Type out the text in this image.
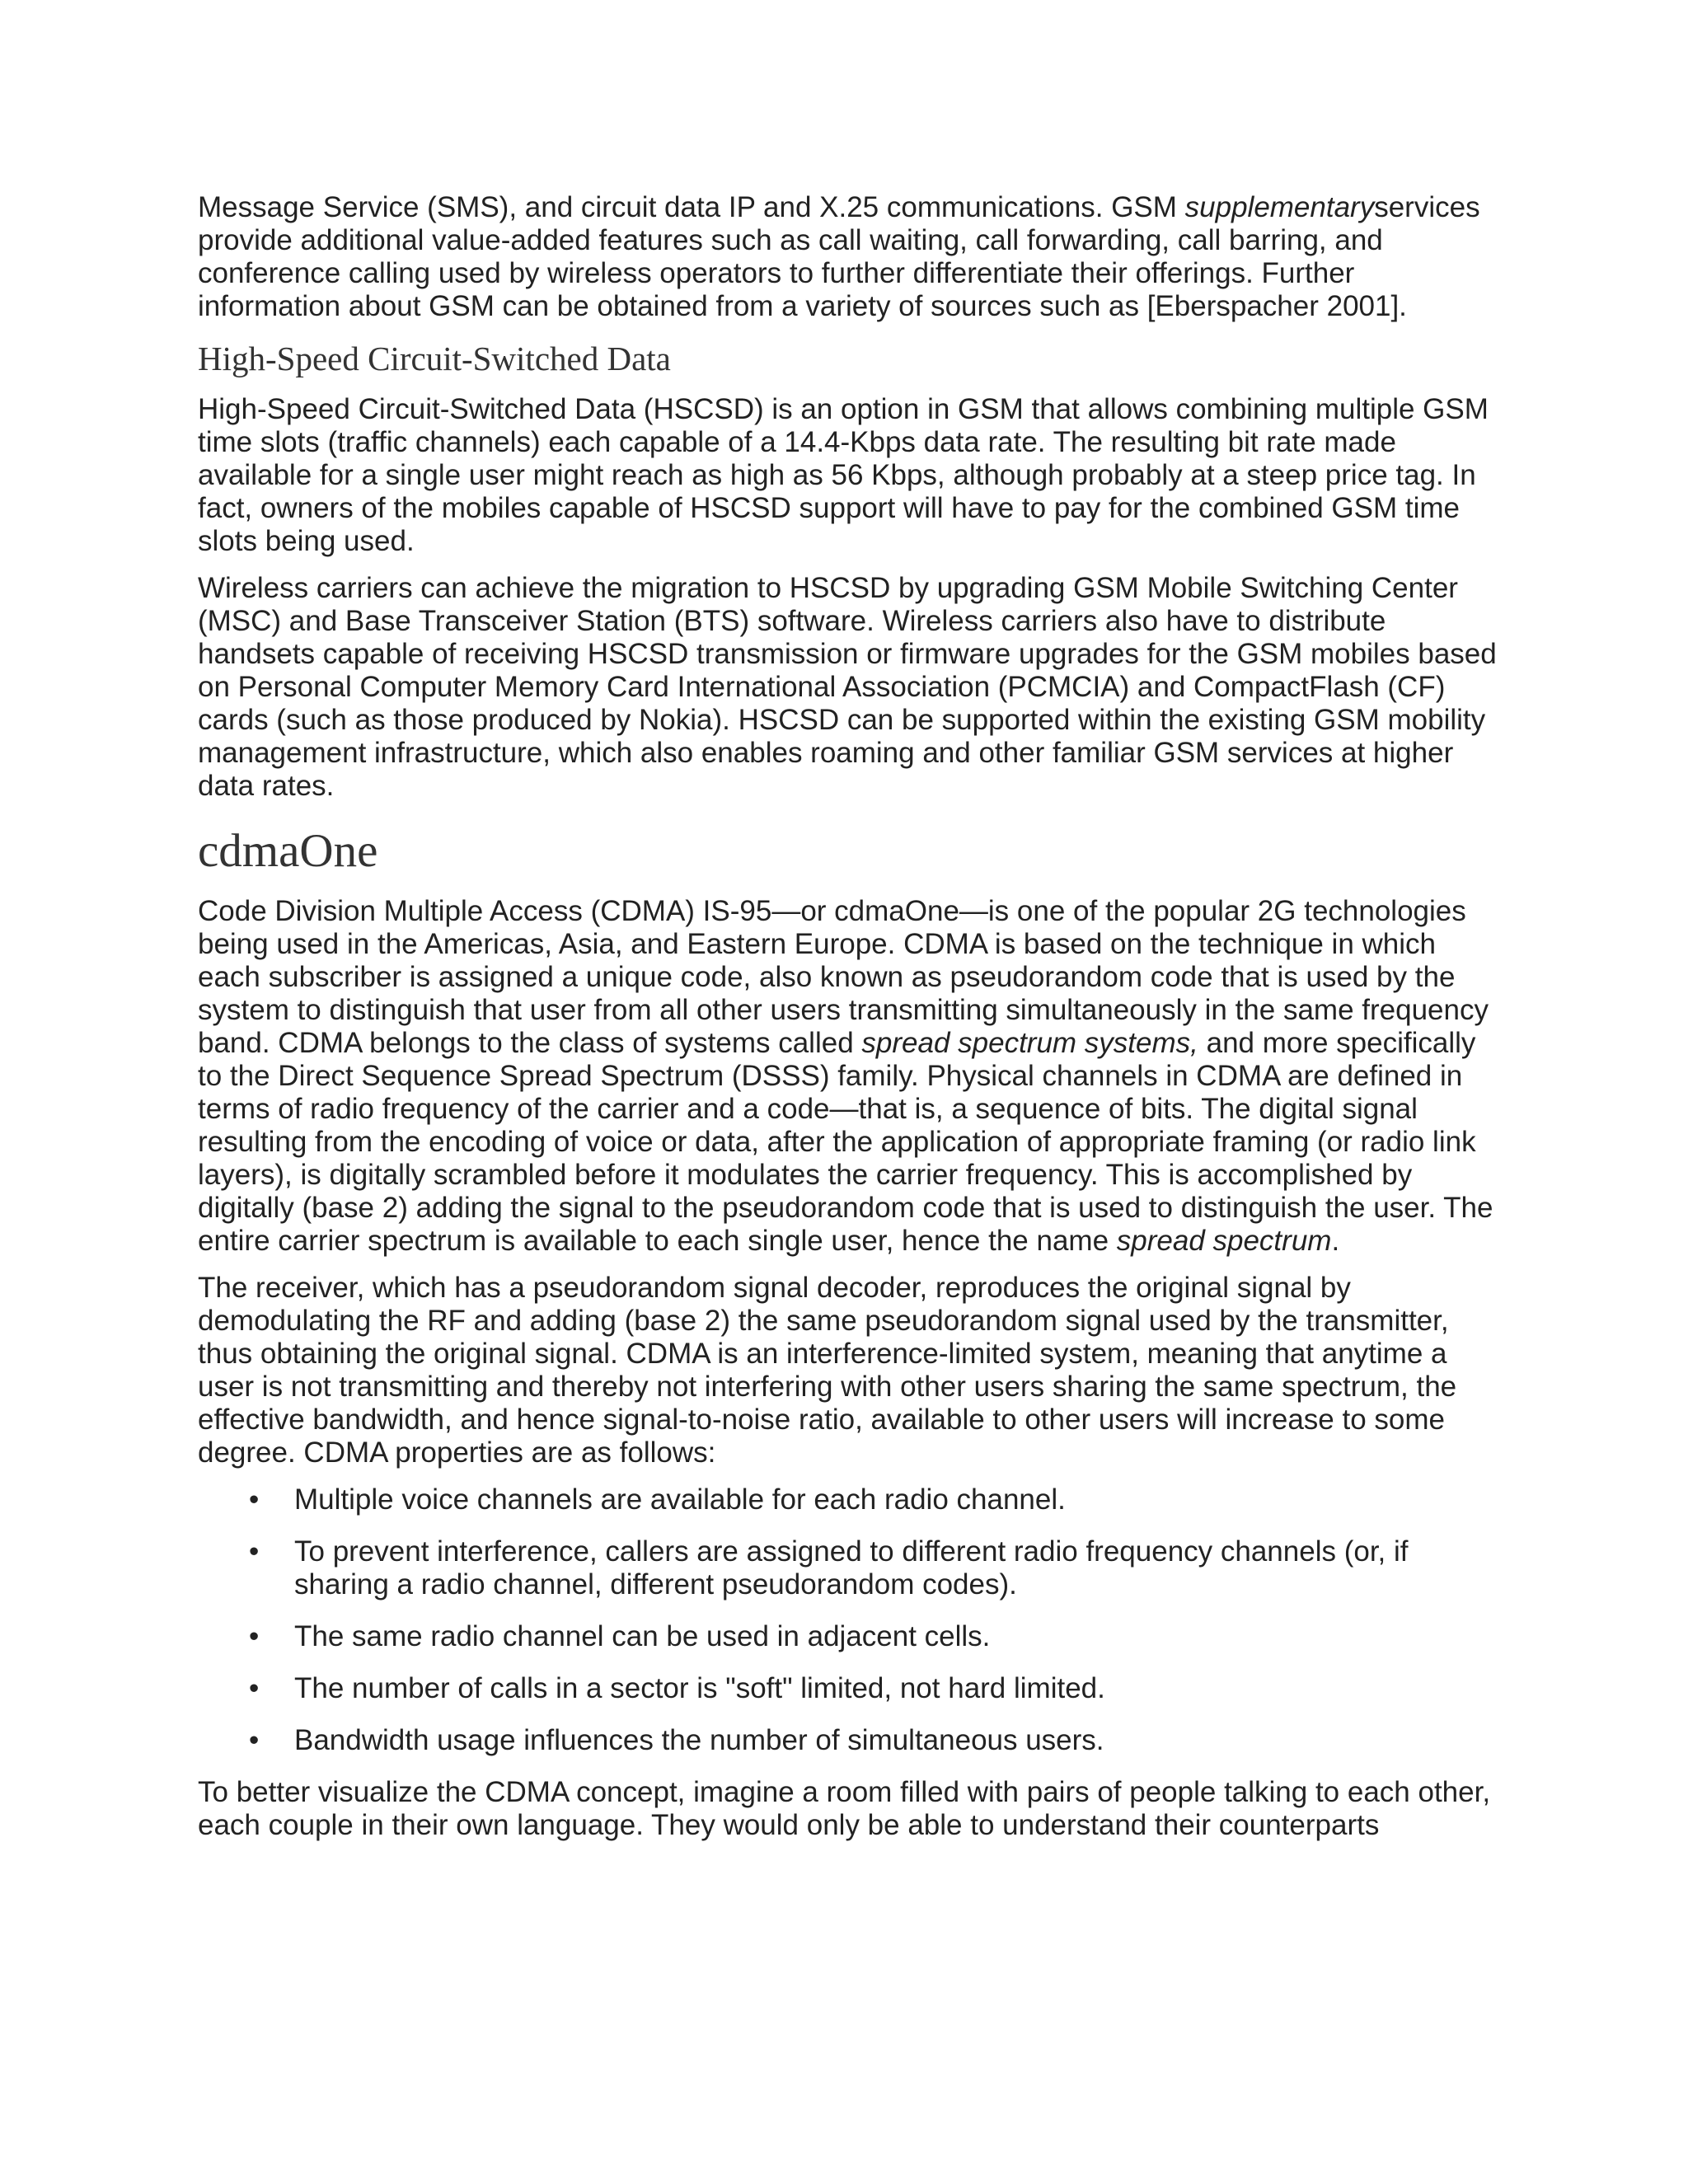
Message Service (SMS), and circuit data IP and X.25 communications. GSM supplementaryservices provide additional value-added features such as call waiting, call forwarding, call barring, and conference calling used by wireless operators to further differentiate their offerings. Further information about GSM can be obtained from a variety of sources such as [Eberspacher 2001].

High-Speed Circuit-Switched Data

High-Speed Circuit-Switched Data (HSCSD) is an option in GSM that allows combining multiple GSM time slots (traffic channels) each capable of a 14.4-Kbps data rate. The resulting bit rate made available for a single user might reach as high as 56 Kbps, although probably at a steep price tag. In fact, owners of the mobiles capable of HSCSD support will have to pay for the combined GSM time slots being used.

Wireless carriers can achieve the migration to HSCSD by upgrading GSM Mobile Switching Center (MSC) and Base Transceiver Station (BTS) software. Wireless carriers also have to distribute handsets capable of receiving HSCSD transmission or firmware upgrades for the GSM mobiles based on Personal Computer Memory Card International Association (PCMCIA) and CompactFlash (CF) cards (such as those produced by Nokia). HSCSD can be supported within the existing GSM mobility management infrastructure, which also enables roaming and other familiar GSM services at higher data rates.

cdmaOne

Code Division Multiple Access (CDMA) IS-95—or cdmaOne—is one of the popular 2G technologies being used in the Americas, Asia, and Eastern Europe. CDMA is based on the technique in which each subscriber is assigned a unique code, also known as pseudorandom code that is used by the system to distinguish that user from all other users transmitting simultaneously in the same frequency band. CDMA belongs to the class of systems called spread spectrum systems, and more specifically to the Direct Sequence Spread Spectrum (DSSS) family. Physical channels in CDMA are defined in terms of radio frequency of the carrier and a code—that is, a sequence of bits. The digital signal resulting from the encoding of voice or data, after the application of appropriate framing (or radio link layers), is digitally scrambled before it modulates the carrier frequency. This is accomplished by digitally (base 2) adding the signal to the pseudorandom code that is used to distinguish the user. The entire carrier spectrum is available to each single user, hence the name spread spectrum.

The receiver, which has a pseudorandom signal decoder, reproduces the original signal by demodulating the RF and adding (base 2) the same pseudorandom signal used by the transmitter, thus obtaining the original signal. CDMA is an interference-limited system, meaning that anytime a user is not transmitting and thereby not interfering with other users sharing the same spectrum, the effective bandwidth, and hence signal-to-noise ratio, available to other users will increase to some degree. CDMA properties are as follows:

• Multiple voice channels are available for each radio channel.
• To prevent interference, callers are assigned to different radio frequency channels (or, if sharing a radio channel, different pseudorandom codes).
• The same radio channel can be used in adjacent cells.
• The number of calls in a sector is "soft" limited, not hard limited.
• Bandwidth usage influences the number of simultaneous users.

To better visualize the CDMA concept, imagine a room filled with pairs of people talking to each other, each couple in their own language. They would only be able to understand their counterparts
